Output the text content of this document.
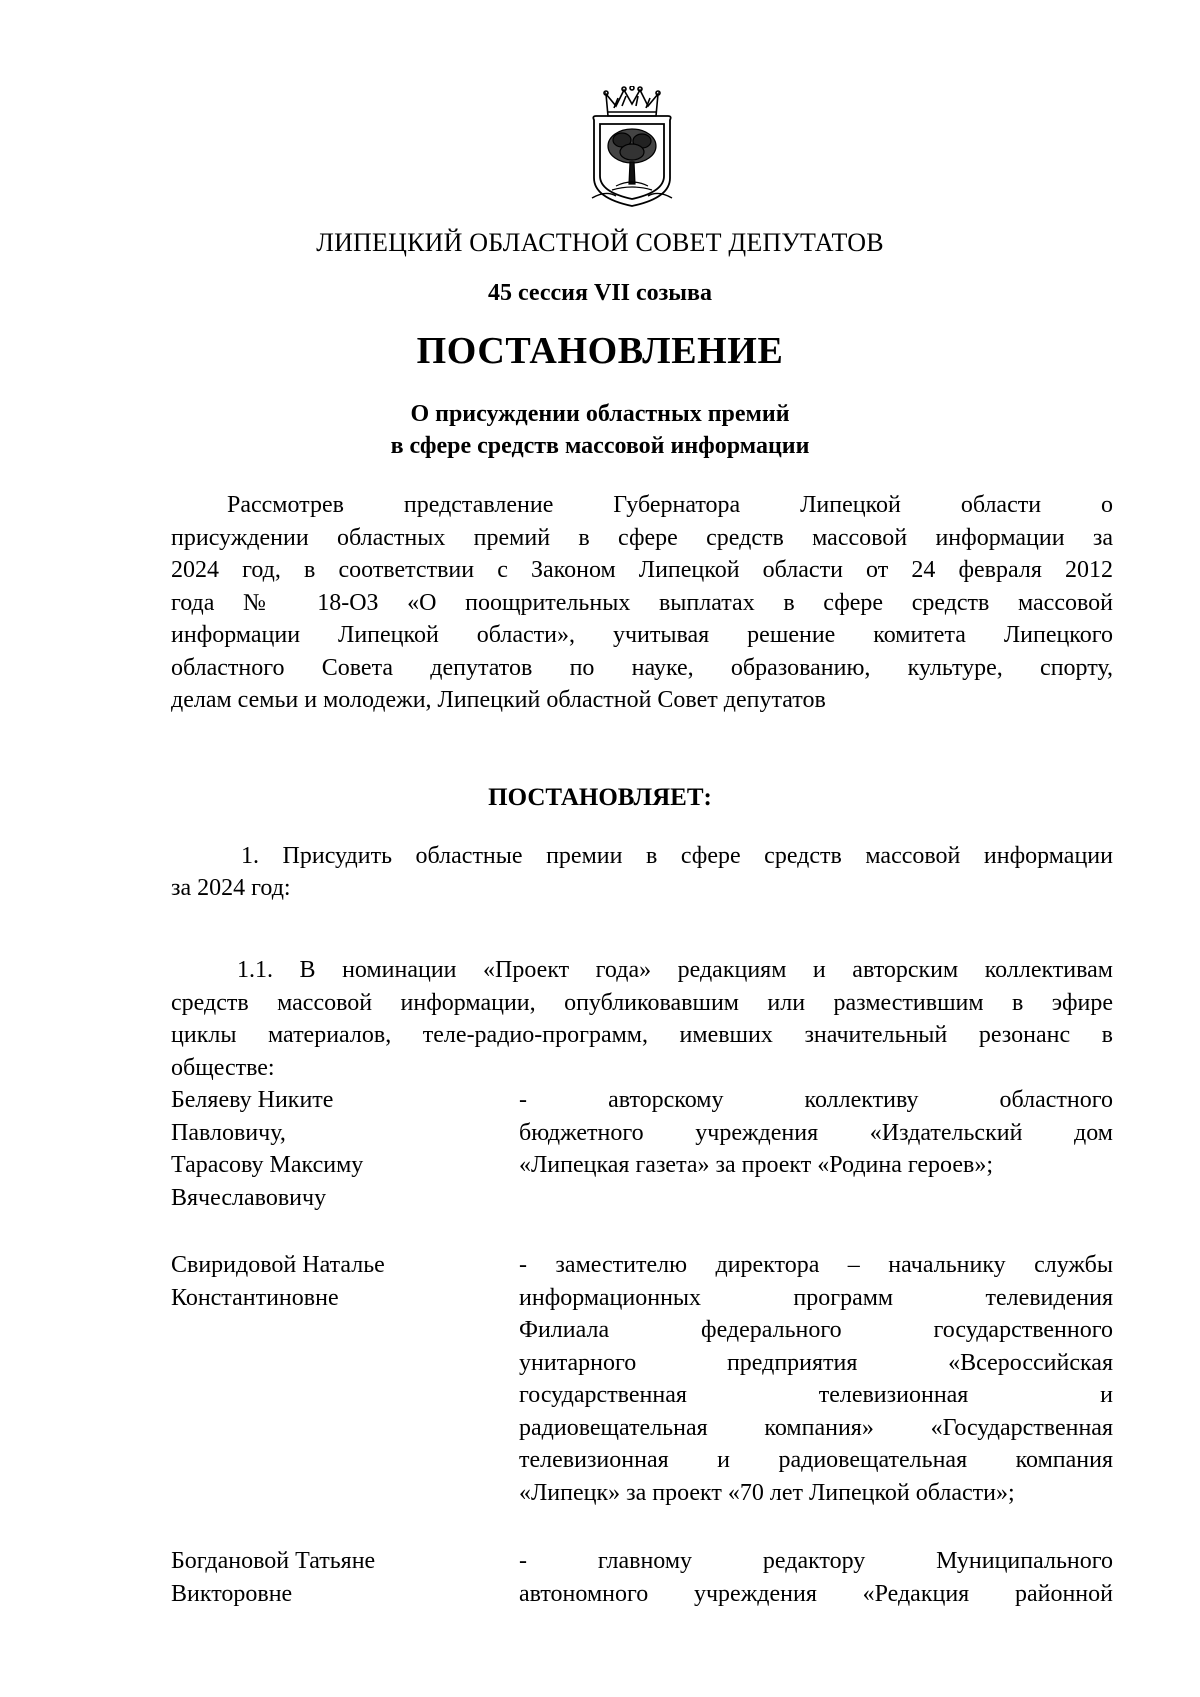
ЛИПЕЦКИЙ ОБЛАСТНОЙ СОВЕТ ДЕПУТАТОВ
45 сессия VII созыва
ПОСТАНОВЛЕНИЕ
О присуждении областных премий
в сфере средств массовой информации
Рассмотрев представление Губернатора Липецкой области о
присуждении областных премий в сфере средств массовой информации за
2024 год, в соответствии с Законом Липецкой области от 24 февраля 2012
года № 18-ОЗ «О поощрительных выплатах в сфере средств массовой
информации Липецкой области», учитывая решение комитета Липецкого
областного Совета депутатов по науке, образованию, культуре, спорту,
делам семьи и молодежи, Липецкий областной Совет депутатов
ПОСТАНОВЛЯЕТ:
1. Присудить областные премии в сфере средств массовой информации
за 2024 год:
1.1. В номинации «Проект года» редакциям и авторским коллективам
средств массовой информации, опубликовавшим или разместившим в эфире
циклы материалов, теле-радио-программ, имевших значительный резонанс в
обществе:
Беляеву Никите
Павловичу,
Тарасову Максиму
Вячеславовичу
- авторскому коллективу областного
бюджетного учреждения «Издательский дом
«Липецкая газета» за проект «Родина героев»;
Свиридовой Наталье
Константиновне
- заместителю директора – начальнику службы
информационных программ телевидения
Филиала федерального государственного
унитарного предприятия «Всероссийская
государственная телевизионная и
радиовещательная компания» «Государственная
телевизионная и радиовещательная компания
«Липецк» за проект «70 лет Липецкой области»;
Богдановой Татьяне
Викторовне
- главному редактору Муниципального
автономного учреждения «Редакция районной
